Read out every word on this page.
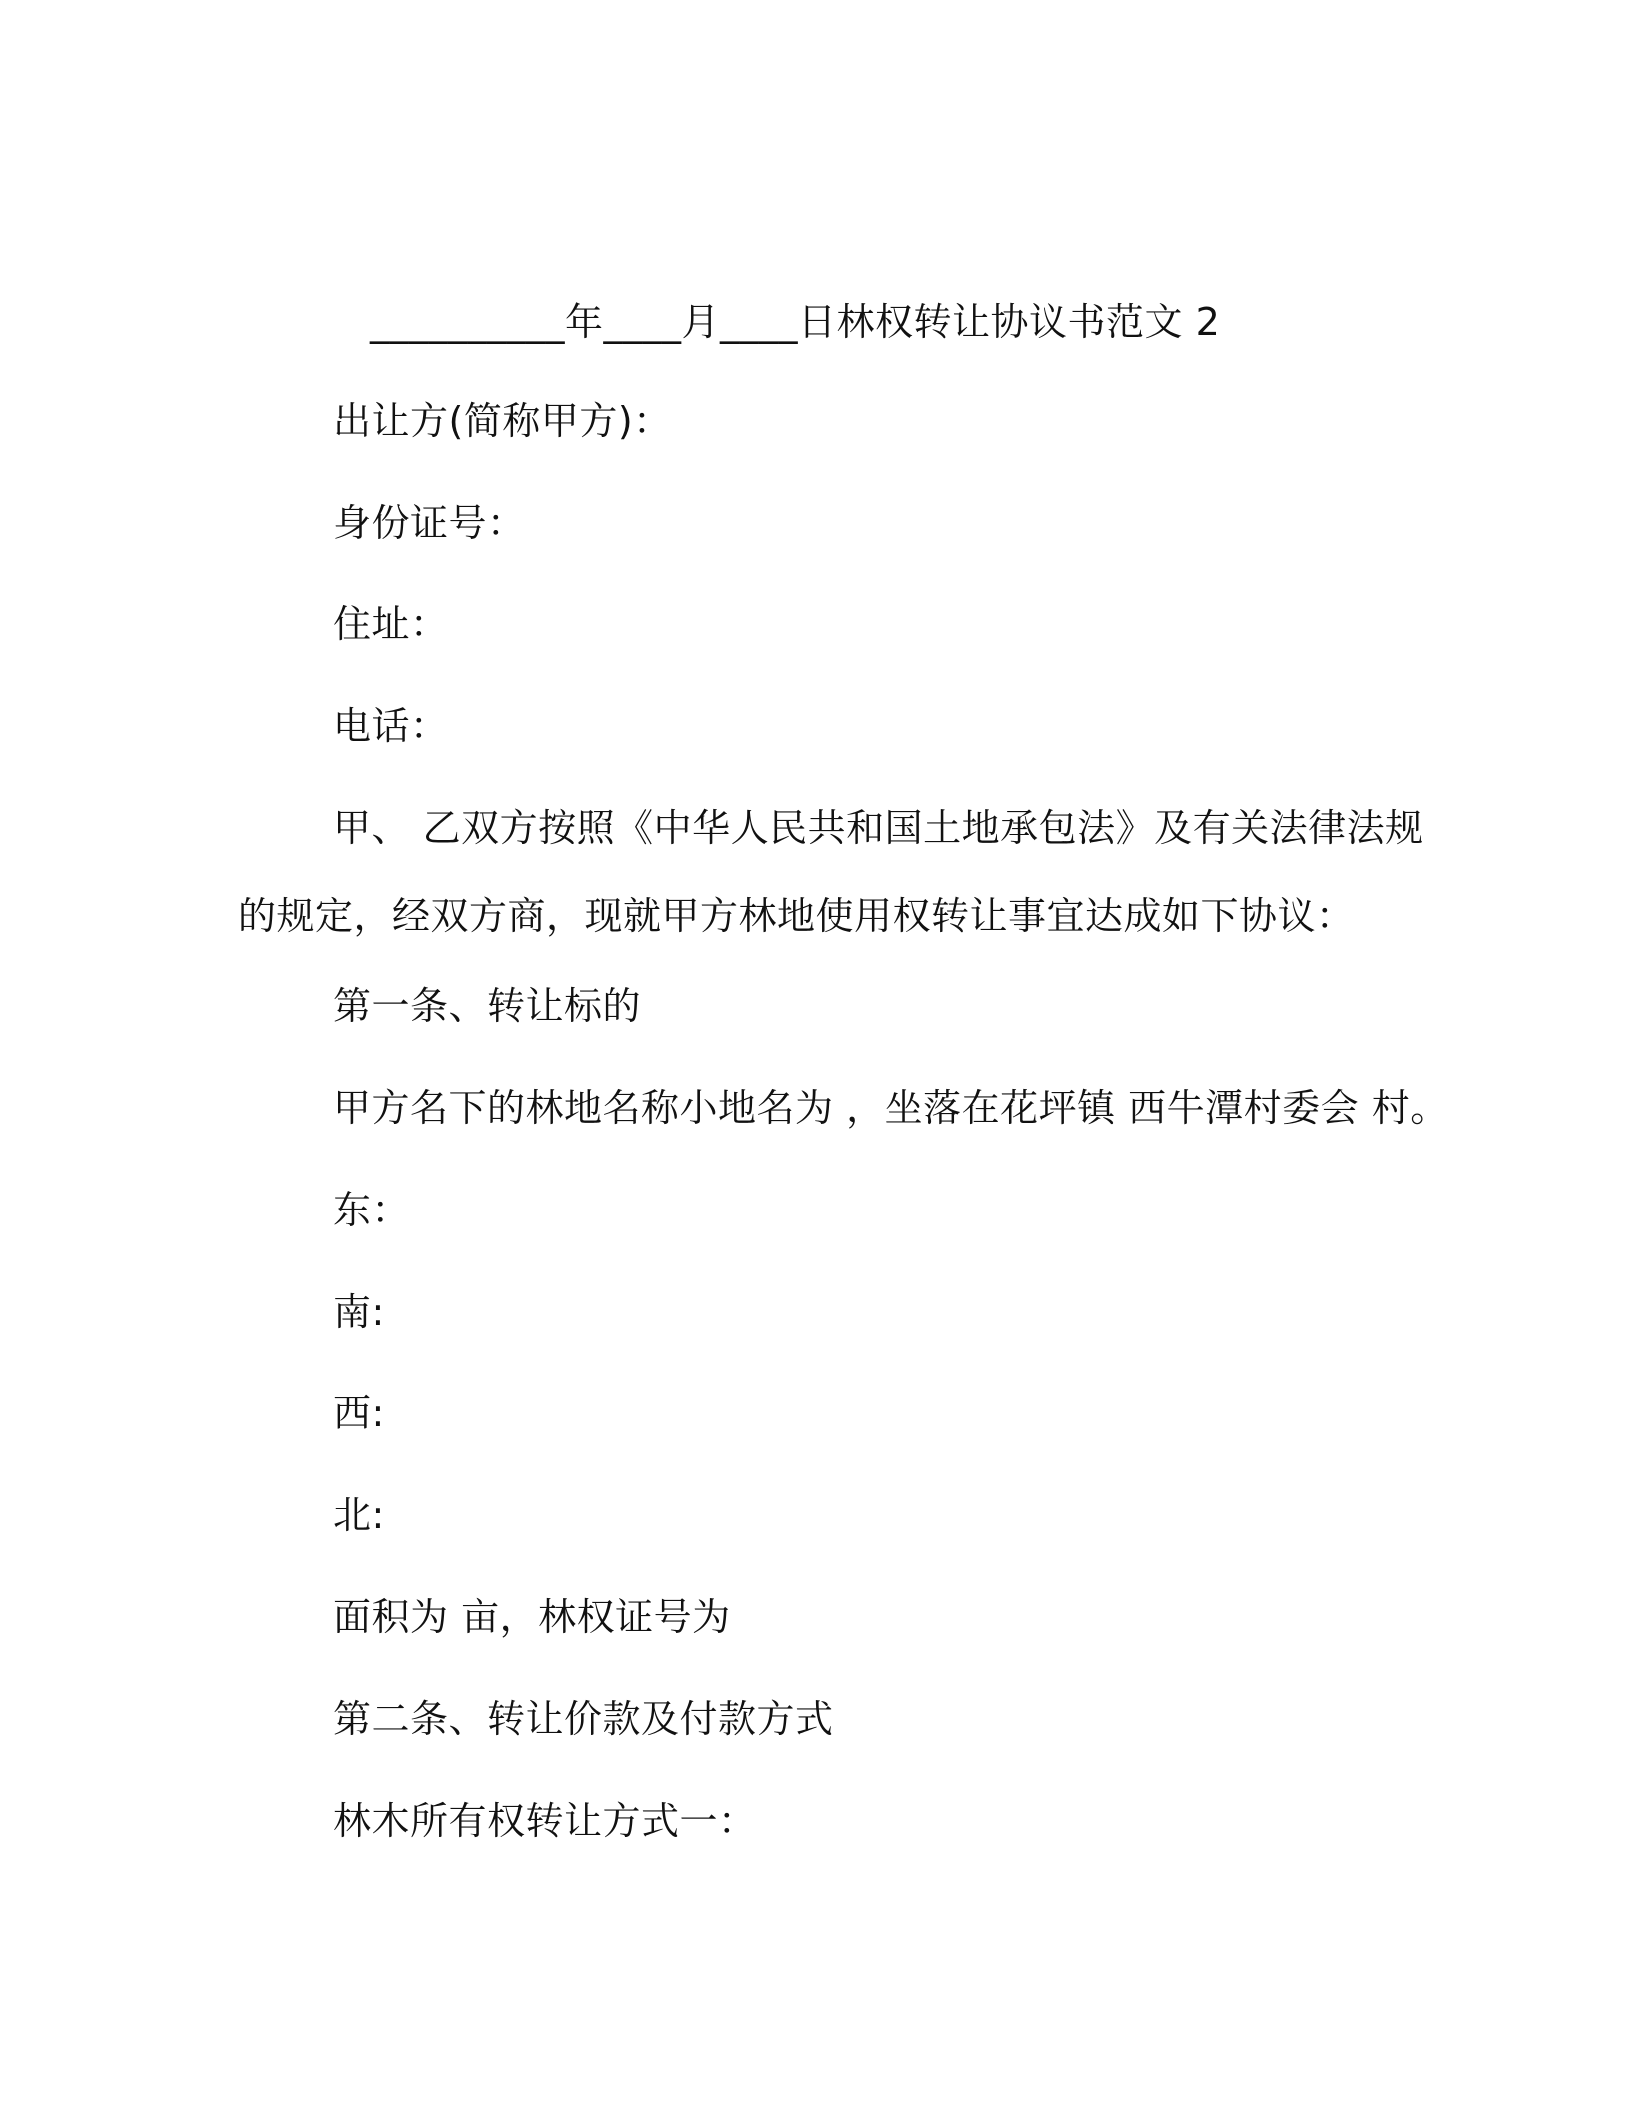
__________年____月____日林权转让协议书范文 2
出让方(简称甲方)：
身份证号：
住址：
电话：
甲、 乙双方按照《中华人民共和国土地承包法》及有关法律法规
的规定，经双方商，现就甲方林地使用权转让事宜达成如下协议：
第一条、转让标的
甲方名下的林地名称小地名为 ，坐落在花坪镇 西牛潭村委会 村。
东：
南:
西:
北:
面积为 亩，林权证号为
第二条、转让价款及付款方式
林木所有权转让方式一：
